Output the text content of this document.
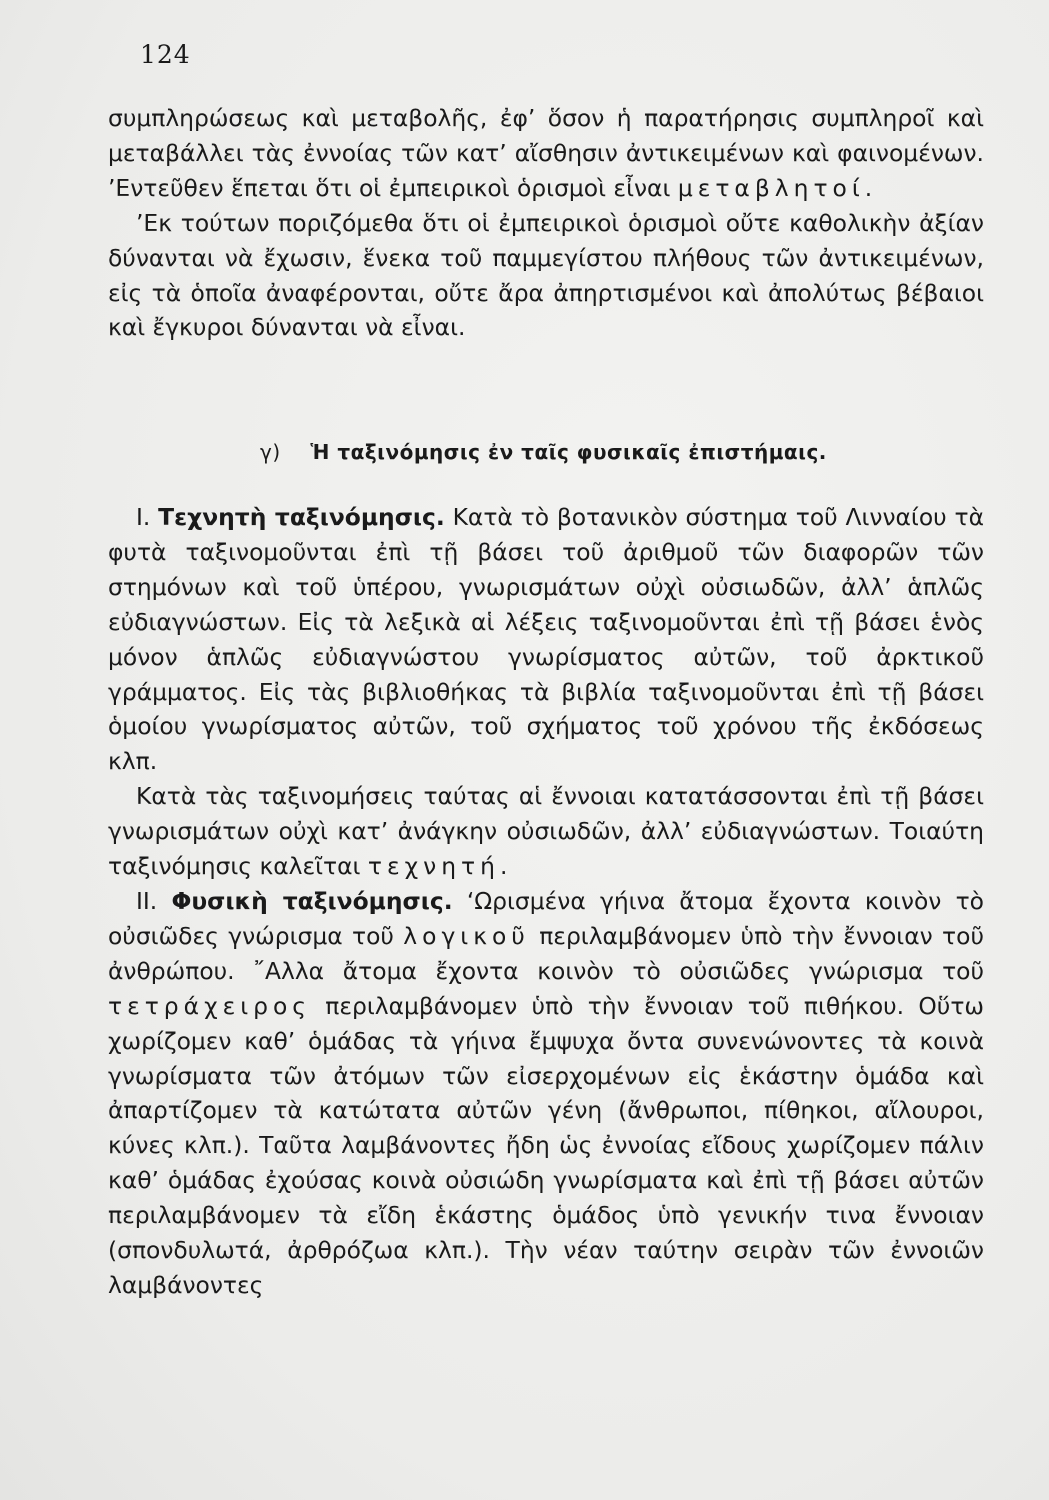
124

συμπληρώσεως καὶ μεταβολῆς, ἐφ’ ὅσον ἡ παρατήρησις συμπληροῖ καὶ μεταβάλλει τὰς ἐννοίας τῶν κατ’ αἴσθησιν ἀντικειμένων καὶ φαινομένων. ’Εντεῦθεν ἕπεται ὅτι οἱ ἐμπειρικοὶ ὁρισμοὶ εἶναι μεταβλητοί.

’Εκ τούτων ποριζόμεθα ὅτι οἱ ἐμπειρικοὶ ὁρισμοὶ οὔτε καθολικὴν ἀξίαν δύνανται νὰ ἔχωσιν, ἕνεκα τοῦ παμμεγίστου πλήθους τῶν ἀντικειμένων, εἰς τὰ ὁποῖα ἀναφέρονται, οὔτε ἄρα ἀπηρτισμένοι καὶ ἀπολύτως βέβαιοι καὶ ἔγκυροι δύνανται νὰ εἶναι.

γ) Ἡ ταξινόμησις ἐν ταῖς φυσικαῖς ἐπιστήμαις.

I. Τεχνητὴ ταξινόμησις. Κατὰ τὸ βοτανικὸν σύστημα τοῦ Λινναίου τὰ φυτὰ ταξινομοῦνται ἐπὶ τῇ βάσει τοῦ ἀριθμοῦ τῶν διαφορῶν τῶν στημόνων καὶ τοῦ ὑπέρου, γνωρισμάτων οὐχὶ οὐσιωδῶν, ἀλλ’ ἁπλῶς εὐδιαγνώστων. Εἰς τὰ λεξικὰ αἱ λέξεις ταξινομοῦνται ἐπὶ τῇ βάσει ἑνὸς μόνον ἁπλῶς εὐδιαγνώστου γνωρίσματος αὐτῶν, τοῦ ἀρκτικοῦ γράμματος. Εἰς τὰς βιβλιοθήκας τὰ βιβλία ταξινομοῦνται ἐπὶ τῇ βάσει ὁμοίου γνωρίσματος αὐτῶν, τοῦ σχήματος τοῦ χρόνου τῆς ἐκδόσεως κλπ.

Κατὰ τὰς ταξινομήσεις ταύτας αἱ ἔννοιαι κατατάσσονται ἐπὶ τῇ βάσει γνωρισμάτων οὐχὶ κατ’ ἀνάγκην οὐσιωδῶν, ἀλλ’ εὐδιαγνώστων. Τοιαύτη ταξινόμησις καλεῖται τεχνητή.

II. Φυσικὴ ταξινόμησις. ‘Ωρισμένα γήινα ἄτομα ἔχοντα κοινὸν τὸ οὐσιῶδες γνώρισμα τοῦ λογικοῦ περιλαμβάνομεν ὑπὸ τὴν ἔννοιαν τοῦ ἀνθρώπου. ῎Αλλα ἄτομα ἔχοντα κοινὸν τὸ οὐσιῶδες γνώρισμα τοῦ τετράχειρος περιλαμβάνομεν ὑπὸ τὴν ἔννοιαν τοῦ πιθήκου. Οὕτω χωρίζομεν καθ’ ὁμάδας τὰ γήινα ἔμψυχα ὄντα συνενώνοντες τὰ κοινὰ γνωρίσματα τῶν ἀτόμων τῶν εἰσερχομένων εἰς ἑκάστην ὁμάδα καὶ ἀπαρτίζομεν τὰ κατώτατα αὐτῶν γένη (ἄνθρωποι, πίθηκοι, αἴλουροι, κύνες κλπ.). Ταῦτα λαμβάνοντες ἤδη ὡς ἐννοίας εἴδους χωρίζομεν πάλιν καθ’ ὁμάδας ἐχούσας κοινὰ οὐσιώδη γνωρίσματα καὶ ἐπὶ τῇ βάσει αὐτῶν περιλαμβάνομεν τὰ εἴδη ἑκάστης ὁμάδος ὑπὸ γενικήν τινα ἔννοιαν (σπονδυλωτά, ἀρθρόζωα κλπ.). Τὴν νέαν ταύτην σειρὰν τῶν ἐννοιῶν λαμβάνοντες
